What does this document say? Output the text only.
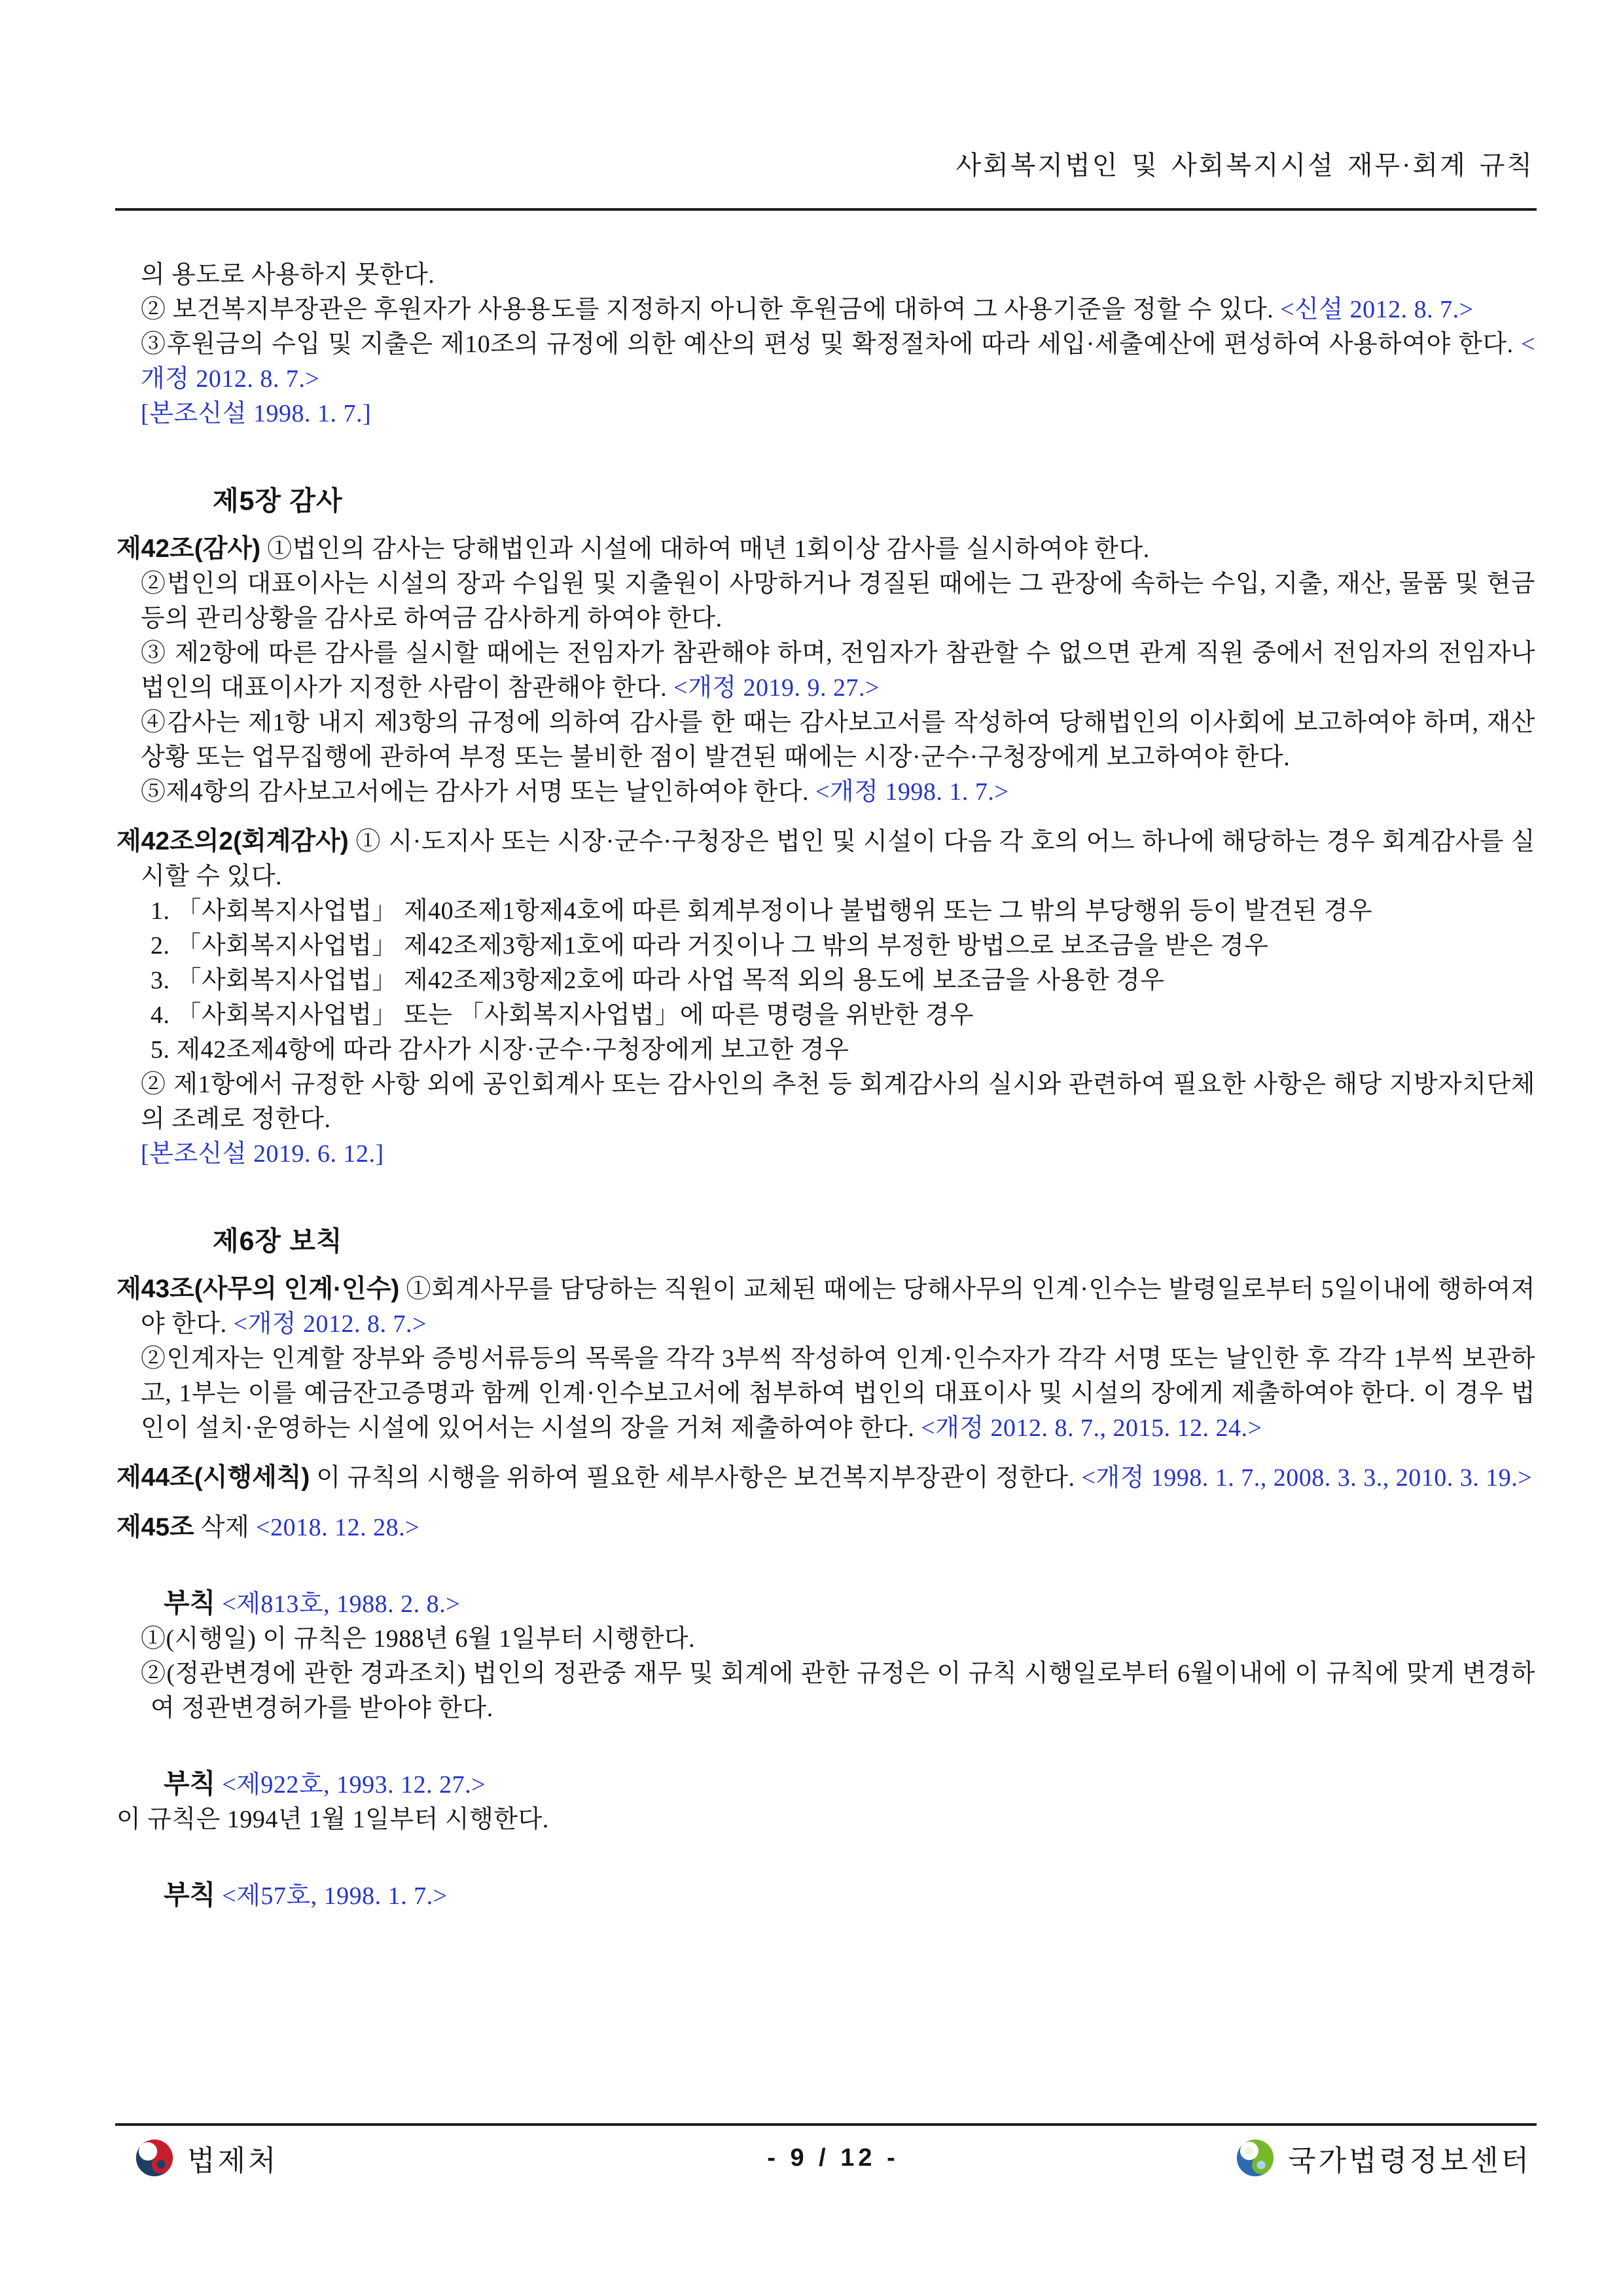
사회복지법인 및 사회복지시설 재무·회계 규칙
의 용도로 사용하지 못한다.
② 보건복지부장관은 후원자가 사용용도를 지정하지 아니한 후원금에 대하여 그 사용기준을 정할 수 있다. <신설 2012. 8. 7.>
③후원금의 수입 및 지출은 제10조의 규정에 의한 예산의 편성 및 확정절차에 따라 세입·세출예산에 편성하여 사용하여야 한다. <개정 2012. 8. 7.>
[본조신설 1998. 1. 7.]
제5장 감사
제42조(감사) ①법인의 감사는 당해법인과 시설에 대하여 매년 1회이상 감사를 실시하여야 한다.
②법인의 대표이사는 시설의 장과 수입원 및 지출원이 사망하거나 경질된 때에는 그 관장에 속하는 수입, 지출, 재산, 물품 및 현금등의 관리상황을 감사로 하여금 감사하게 하여야 한다.
③ 제2항에 따른 감사를 실시할 때에는 전임자가 참관해야 하며, 전임자가 참관할 수 없으면 관계 직원 중에서 전임자의 전임자나 법인의 대표이사가 지정한 사람이 참관해야 한다. <개정 2019. 9. 27.>
④감사는 제1항 내지 제3항의 규정에 의하여 감사를 한 때는 감사보고서를 작성하여 당해법인의 이사회에 보고하여야 하며, 재산상황 또는 업무집행에 관하여 부정 또는 불비한 점이 발견된 때에는 시장·군수·구청장에게 보고하여야 한다.
⑤제4항의 감사보고서에는 감사가 서명 또는 날인하여야 한다. <개정 1998. 1. 7.>
제42조의2(회계감사) ① 시·도지사 또는 시장·군수·구청장은 법인 및 시설이 다음 각 호의 어느 하나에 해당하는 경우 회계감사를 실시할 수 있다.
1. 「사회복지사업법」 제40조제1항제4호에 따른 회계부정이나 불법행위 또는 그 밖의 부당행위 등이 발견된 경우
2. 「사회복지사업법」 제42조제3항제1호에 따라 거짓이나 그 밖의 부정한 방법으로 보조금을 받은 경우
3. 「사회복지사업법」 제42조제3항제2호에 따라 사업 목적 외의 용도에 보조금을 사용한 경우
4. 「사회복지사업법」 또는 「사회복지사업법」에 따른 명령을 위반한 경우
5. 제42조제4항에 따라 감사가 시장·군수·구청장에게 보고한 경우
② 제1항에서 규정한 사항 외에 공인회계사 또는 감사인의 추천 등 회계감사의 실시와 관련하여 필요한 사항은 해당 지방자치단체의 조례로 정한다.
[본조신설 2019. 6. 12.]
제6장 보칙
제43조(사무의 인계·인수) ①회계사무를 담당하는 직원이 교체된 때에는 당해사무의 인계·인수는 발령일로부터 5일이내에 행하여져야 한다. <개정 2012. 8. 7.>
②인계자는 인계할 장부와 증빙서류등의 목록을 각각 3부씩 작성하여 인계·인수자가 각각 서명 또는 날인한 후 각각 1부씩 보관하고, 1부는 이를 예금잔고증명과 함께 인계·인수보고서에 첨부하여 법인의 대표이사 및 시설의 장에게 제출하여야 한다. 이 경우 법인이 설치·운영하는 시설에 있어서는 시설의 장을 거쳐 제출하여야 한다. <개정 2012. 8. 7., 2015. 12. 24.>
제44조(시행세칙) 이 규칙의 시행을 위하여 필요한 세부사항은 보건복지부장관이 정한다. <개정 1998. 1. 7., 2008. 3. 3., 2010. 3. 19.>
제45조 삭제 <2018. 12. 28.>
부칙 <제813호, 1988. 2. 8.>
①(시행일) 이 규칙은 1988년 6월 1일부터 시행한다.
②(정관변경에 관한 경과조치) 법인의 정관중 재무 및 회계에 관한 규정은 이 규칙 시행일로부터 6월이내에 이 규칙에 맞게 변경하여 정관변경허가를 받아야 한다.
부칙 <제922호, 1993. 12. 27.>
이 규칙은 1994년 1월 1일부터 시행한다.
부칙 <제57호, 1998. 1. 7.>
법제처	- 9 / 12 -	국가법령정보센터
